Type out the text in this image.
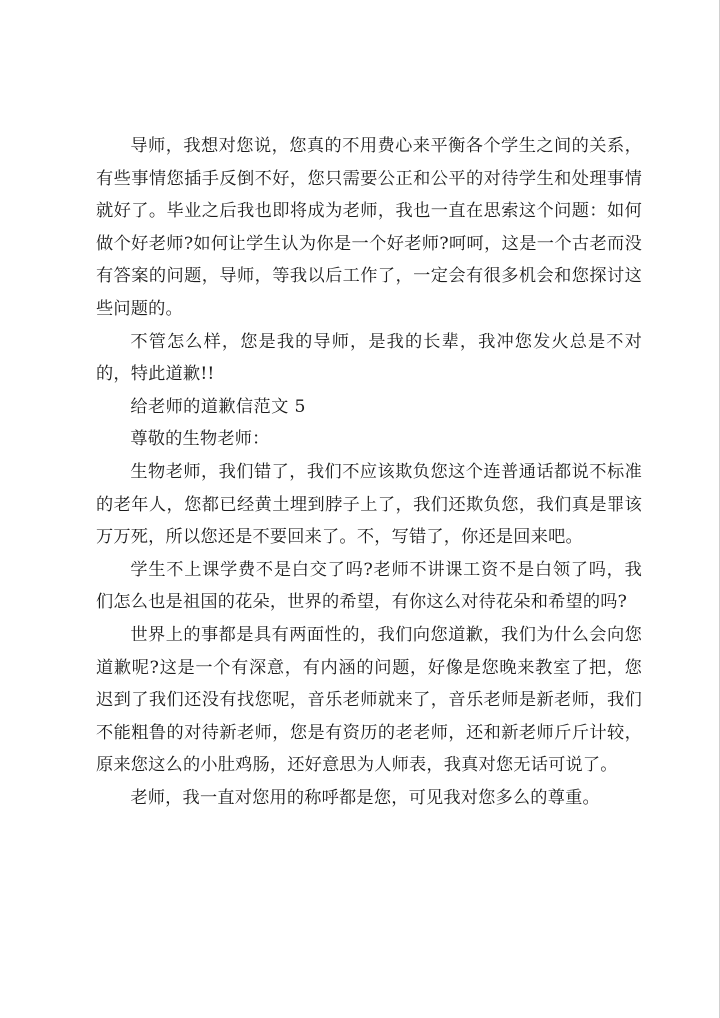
导师，我想对您说，您真的不用费心来平衡各个学生之间的关系，有些事情您插手反倒不好，您只需要公正和公平的对待学生和处理事情就好了。毕业之后我也即将成为老师，我也一直在思索这个问题：如何做个好老师?如何让学生认为你是一个好老师?呵呵，这是一个古老而没有答案的问题，导师，等我以后工作了，一定会有很多机会和您探讨这些问题的。

不管怎么样，您是我的导师，是我的长辈，我冲您发火总是不对的，特此道歉!!

给老师的道歉信范文 5

尊敬的生物老师：

生物老师，我们错了，我们不应该欺负您这个连普通话都说不标准的老年人，您都已经黄土埋到脖子上了，我们还欺负您，我们真是罪该万万死，所以您还是不要回来了。不，写错了，你还是回来吧。

学生不上课学费不是白交了吗?老师不讲课工资不是白领了吗，我们怎么也是祖国的花朵，世界的希望，有你这么对待花朵和希望的吗?

世界上的事都是具有两面性的，我们向您道歉，我们为什么会向您道歉呢?这是一个有深意，有内涵的问题，好像是您晚来教室了把，您迟到了我们还没有找您呢，音乐老师就来了，音乐老师是新老师，我们不能粗鲁的对待新老师，您是有资历的老老师，还和新老师斤斤计较，原来您这么的小肚鸡肠，还好意思为人师表，我真对您无话可说了。

老师，我一直对您用的称呼都是您，可见我对您多么的尊重。
